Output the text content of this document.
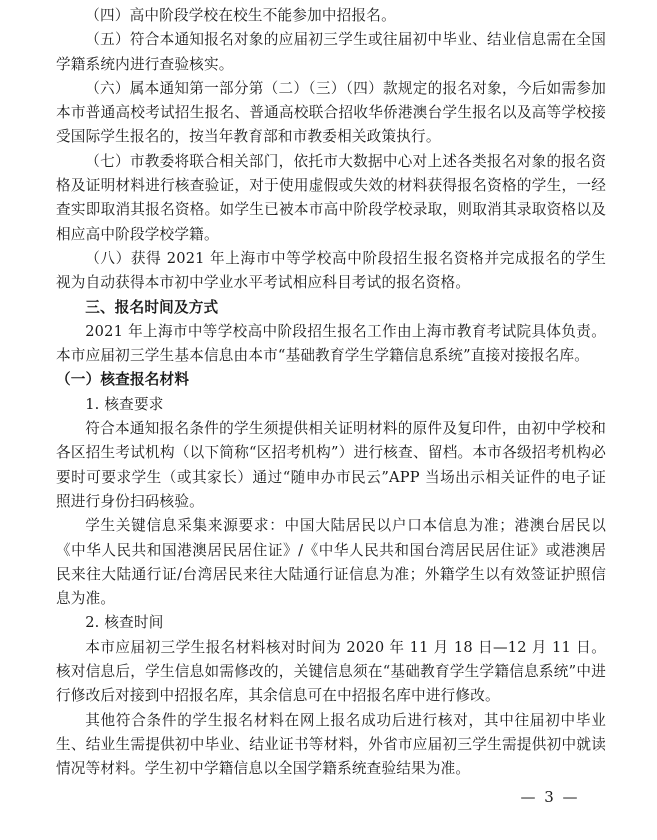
（四）高中阶段学校在校生不能参加中招报名。

（五）符合本通知报名对象的应届初三学生或往届初中毕业、结业信息需在全国学籍系统内进行查验核实。

（六）属本通知第一部分第（二）（三）（四）款规定的报名对象，今后如需参加本市普通高校考试招生报名、普通高校联合招收华侨港澳台学生报名以及高等学校接受国际学生报名的，按当年教育部和市教委相关政策执行。

（七）市教委将联合相关部门，依托市大数据中心对上述各类报名对象的报名资格及证明材料进行核查验证，对于使用虚假或失效的材料获得报名资格的学生，一经查实即取消其报名资格。如学生已被本市高中阶段学校录取，则取消其录取资格以及相应高中阶段学校学籍。

（八）获得 2021 年上海市中等学校高中阶段招生报名资格并完成报名的学生视为自动获得本市初中学业水平考试相应科目考试的报名资格。

三、报名时间及方式

2021 年上海市中等学校高中阶段招生报名工作由上海市教育考试院具体负责。本市应届初三学生基本信息由本市“基础教育学生学籍信息系统”直接对接报名库。

（一）核查报名材料

1. 核查要求

符合本通知报名条件的学生须提供相关证明材料的原件及复印件，由初中学校和各区招生考试机构（以下简称“区招考机构”）进行核查、留档。本市各级招考机构必要时可要求学生（或其家长）通过“随申办市民云”APP 当场出示相关证件的电子证照进行身份扫码核验。

学生关键信息采集来源要求：中国大陆居民以户口本信息为准；港澳台居民以《中华人民共和国港澳居民居住证》/《中华人民共和国台湾居民居住证》或港澳居民来往大陆通行证/台湾居民来往大陆通行证信息为准；外籍学生以有效签证护照信息为准。

2. 核查时间

本市应届初三学生报名材料核对时间为 2020 年 11 月 18 日—12 月 11 日。核对信息后，学生信息如需修改的，关键信息须在“基础教育学生学籍信息系统”中进行修改后对接到中招报名库，其余信息可在中招报名库中进行修改。

其他符合条件的学生报名材料在网上报名成功后进行核对，其中往届初中毕业生、结业生需提供初中毕业、结业证书等材料，外省市应届初三学生需提供初中就读情况等材料。学生初中学籍信息以全国学籍系统查验结果为准。

— 3 —
